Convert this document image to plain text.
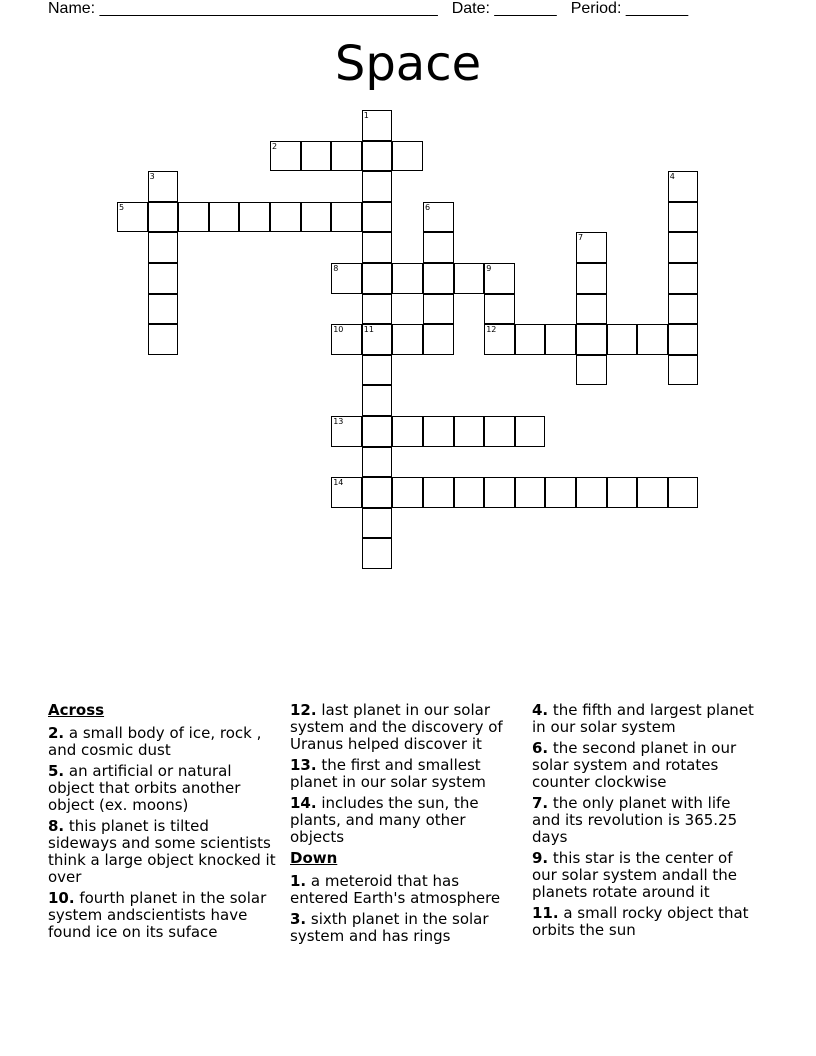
Name: ______________________________________ Date: _______ Period: _______
Space
1
11
2
3	4
5	6
7
8	9
12
10
13
14
Across
2. a small body of ice, rock , and cosmic dust
5. an artificial or natural object that orbits another object (ex. moons)
8. this planet is tilted sideways and some scientists think a large object knocked it over
10. fourth planet in the solar system andscientists have found ice on its suface
12. last planet in our solar system and the discovery of Uranus helped discover it
13. the first and smallest planet in our solar system
14. includes the sun, the plants, and many other objects
Down
1. a meteroid that has entered Earth's atmosphere
3. sixth planet in the solar system and has rings
4. the fifth and largest planet in our solar system
6. the second planet in our solar system and rotates counter clockwise
7. the only planet with life and its revolution is 365.25 days
9. this star is the center of our solar system andall the planets rotate around it
11. a small rocky object that orbits the sun
